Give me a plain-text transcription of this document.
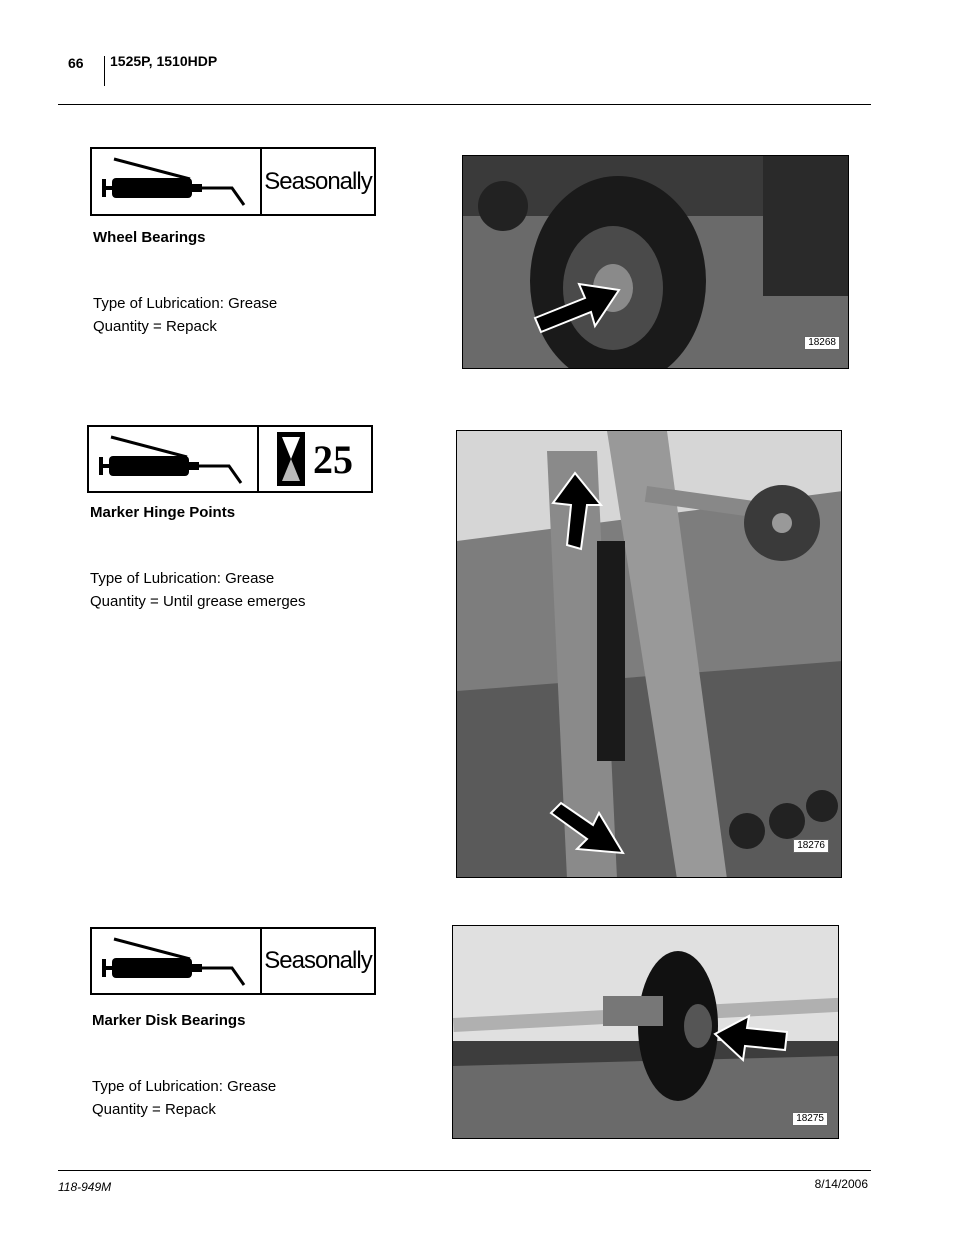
66 1525P, 1510HDP
Seasonally
Wheel Bearings
Type of Lubrication: Grease
Quantity = Repack
18268
25
Marker Hinge Points
Type of Lubrication: Grease
Quantity = Until grease emerges
18276
Seasonally
Marker Disk Bearings
Type of Lubrication: Grease
Quantity = Repack
18275
118-949M	8/14/2006
